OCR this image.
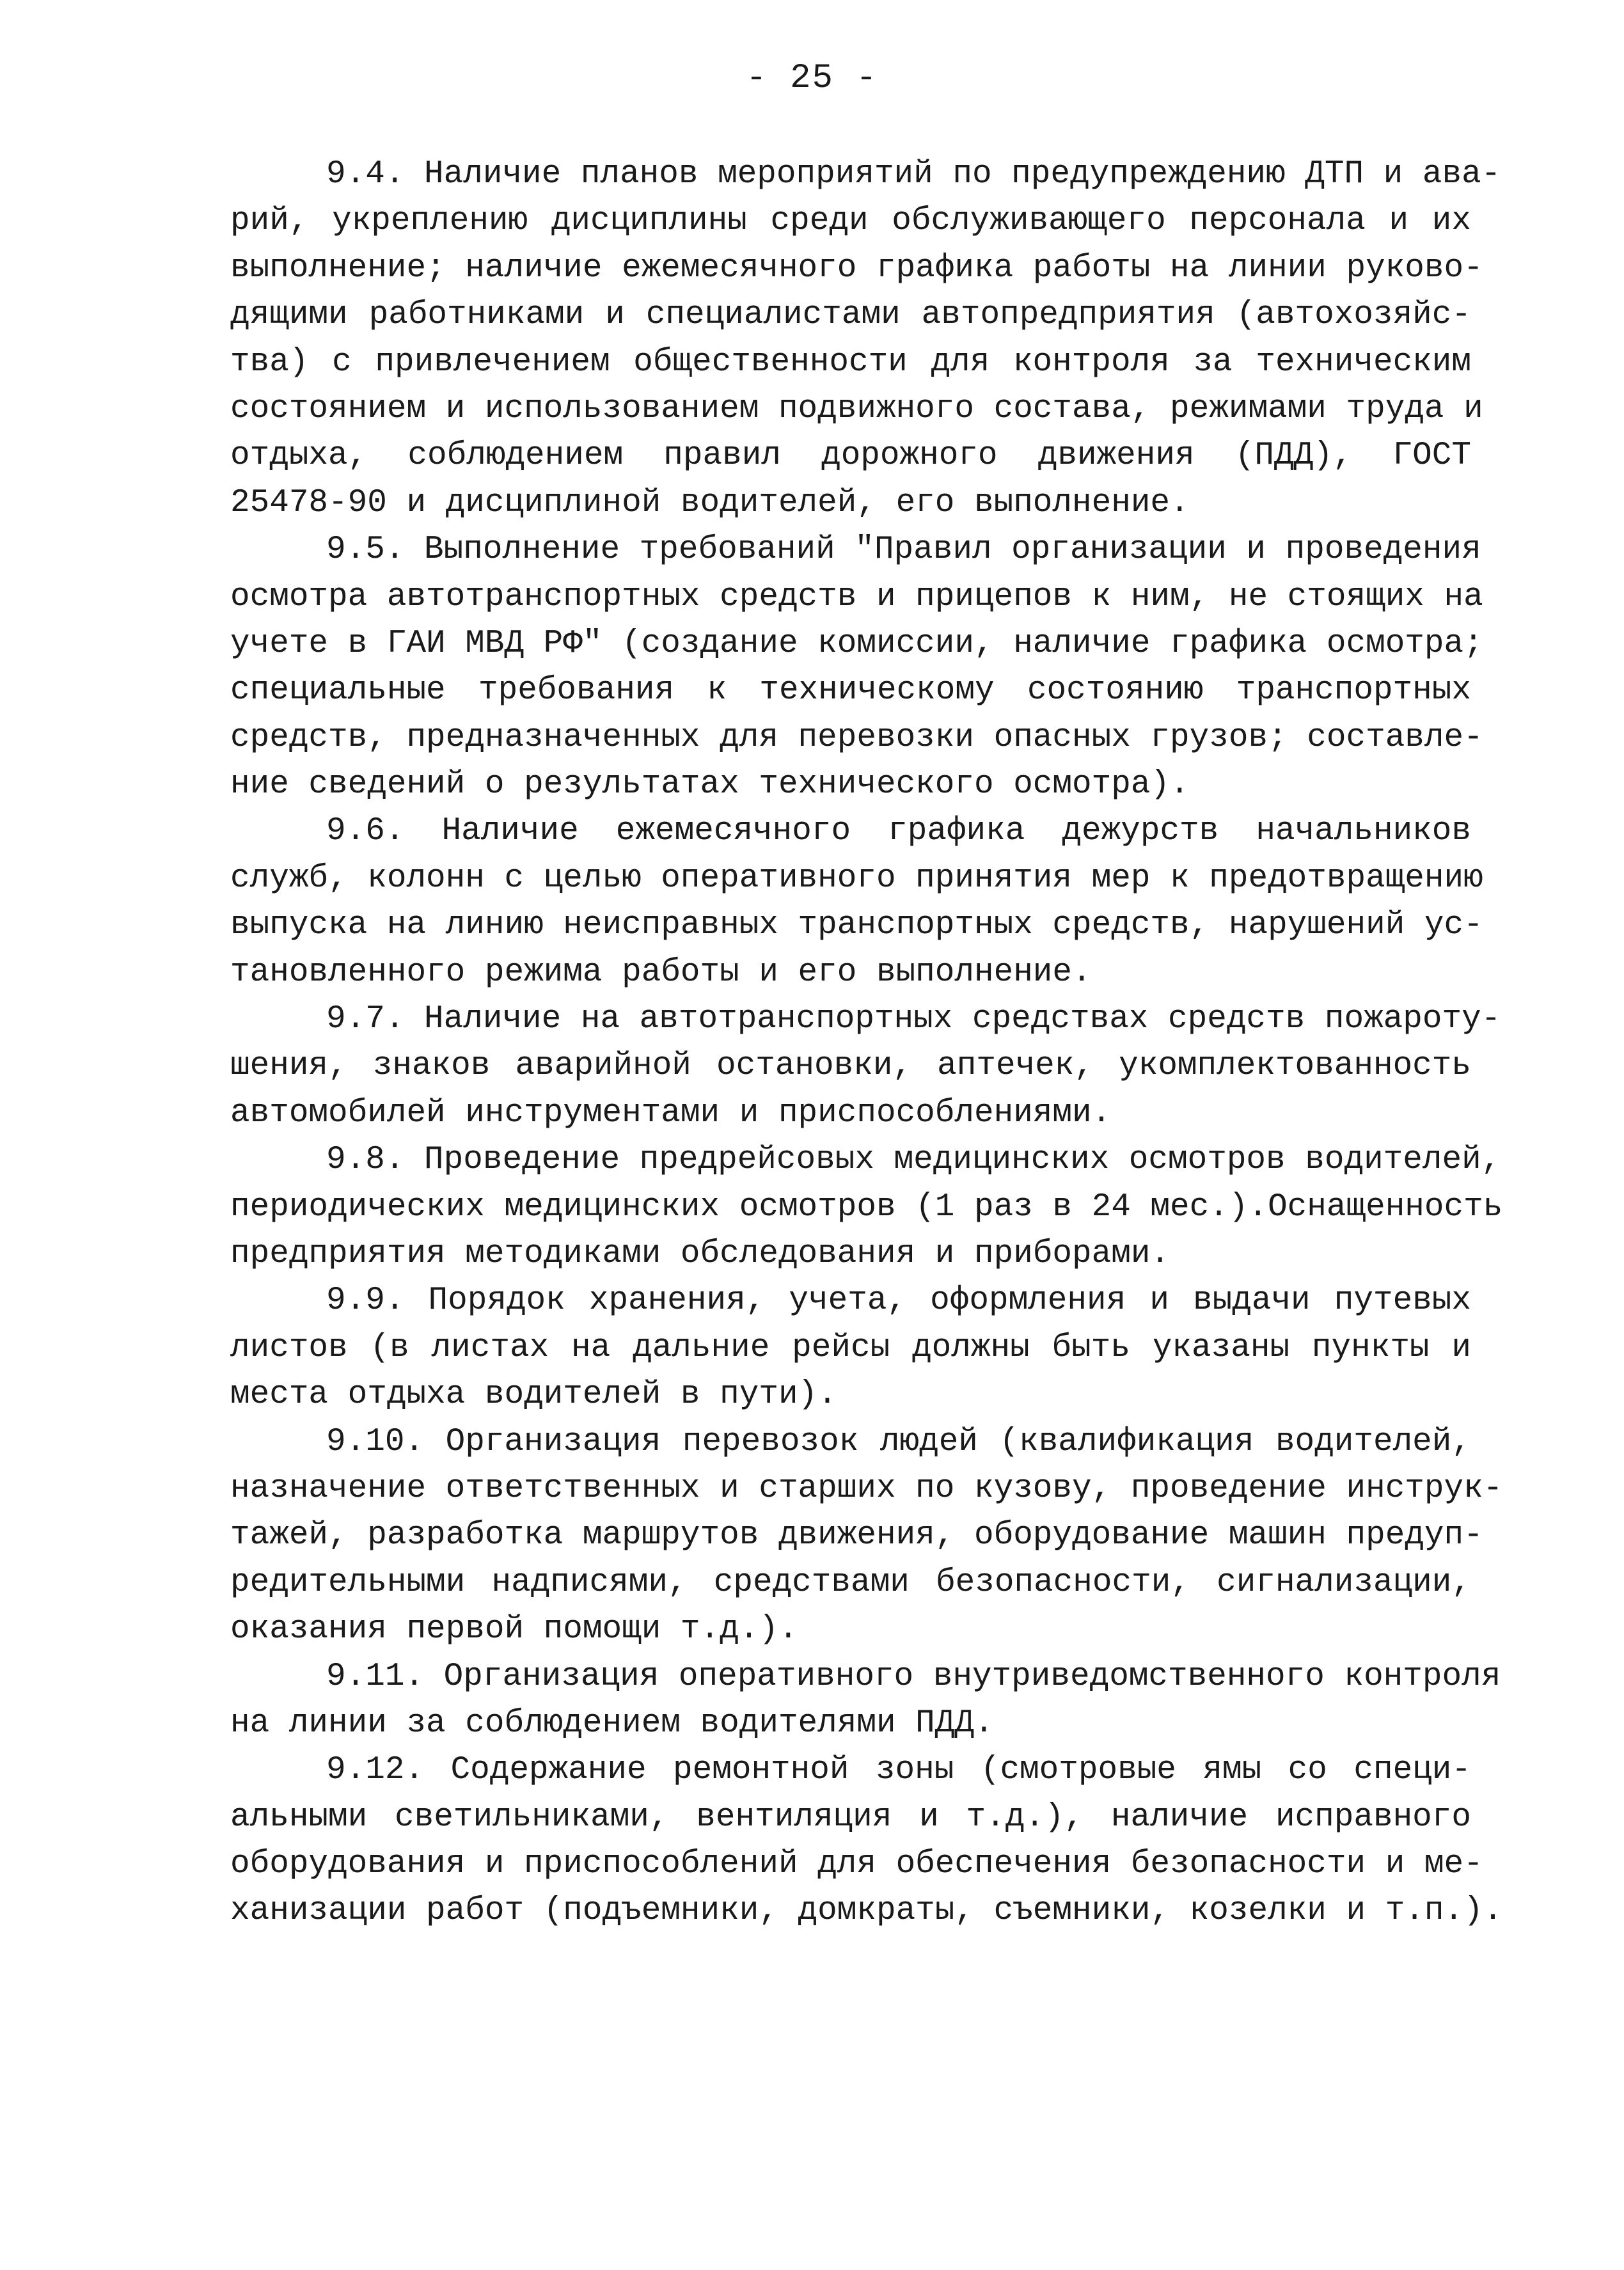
- 25 -
9.4. Наличие планов мероприятий по предупреждению ДТП и ава-
рий, укреплению дисциплины среди обслуживающего персонала и их
выполнение; наличие ежемесячного графика работы на линии руково-
дящими работниками и специалистами автопредприятия (автохозяйс-
тва) с привлечением общественности для контроля за техническим
состоянием и использованием подвижного состава, режимами труда и
отдыха, соблюдением правил дорожного движения (ПДД), ГОСТ
25478-90 и дисциплиной водителей, его выполнение.
9.5. Выполнение требований "Правил организации и проведения
осмотра автотранспортных средств и прицепов к ним, не стоящих на
учете в ГАИ МВД РФ" (создание комиссии, наличие графика осмотра;
специальные требования к техническому состоянию транспортных
средств, предназначенных для перевозки опасных грузов; составле-
ние сведений о результатах технического осмотра).
9.6. Наличие ежемесячного графика дежурств начальников
служб, колонн с целью оперативного принятия мер к предотвращению
выпуска на линию неисправных транспортных средств, нарушений ус-
тановленного режима работы и его выполнение.
9.7. Наличие на автотранспортных средствах средств пожароту-
шения, знаков аварийной остановки, аптечек, укомплектованность
автомобилей инструментами и приспособлениями.
9.8. Проведение предрейсовых медицинских осмотров водителей,
периодических медицинских осмотров (1 раз в 24 мес.).Оснащенность
предприятия методиками обследования и приборами.
9.9. Порядок хранения, учета, оформления и выдачи путевых
листов (в листах на дальние рейсы должны быть указаны пункты и
места отдыха водителей в пути).
9.10. Организация перевозок людей (квалификация водителей,
назначение ответственных и старших по кузову, проведение инструк-
тажей, разработка маршрутов движения, оборудование машин предуп-
редительными надписями, средствами безопасности, сигнализации,
оказания первой помощи т.д.).
9.11. Организация оперативного внутриведомственного контроля
на линии за соблюдением водителями ПДД.
9.12. Содержание ремонтной зоны (смотровые ямы со специ-
альными светильниками, вентиляция и т.д.), наличие исправного
оборудования и приспособлений для обеспечения безопасности и ме-
ханизации работ (подъемники, домкраты, съемники, козелки и т.п.).
